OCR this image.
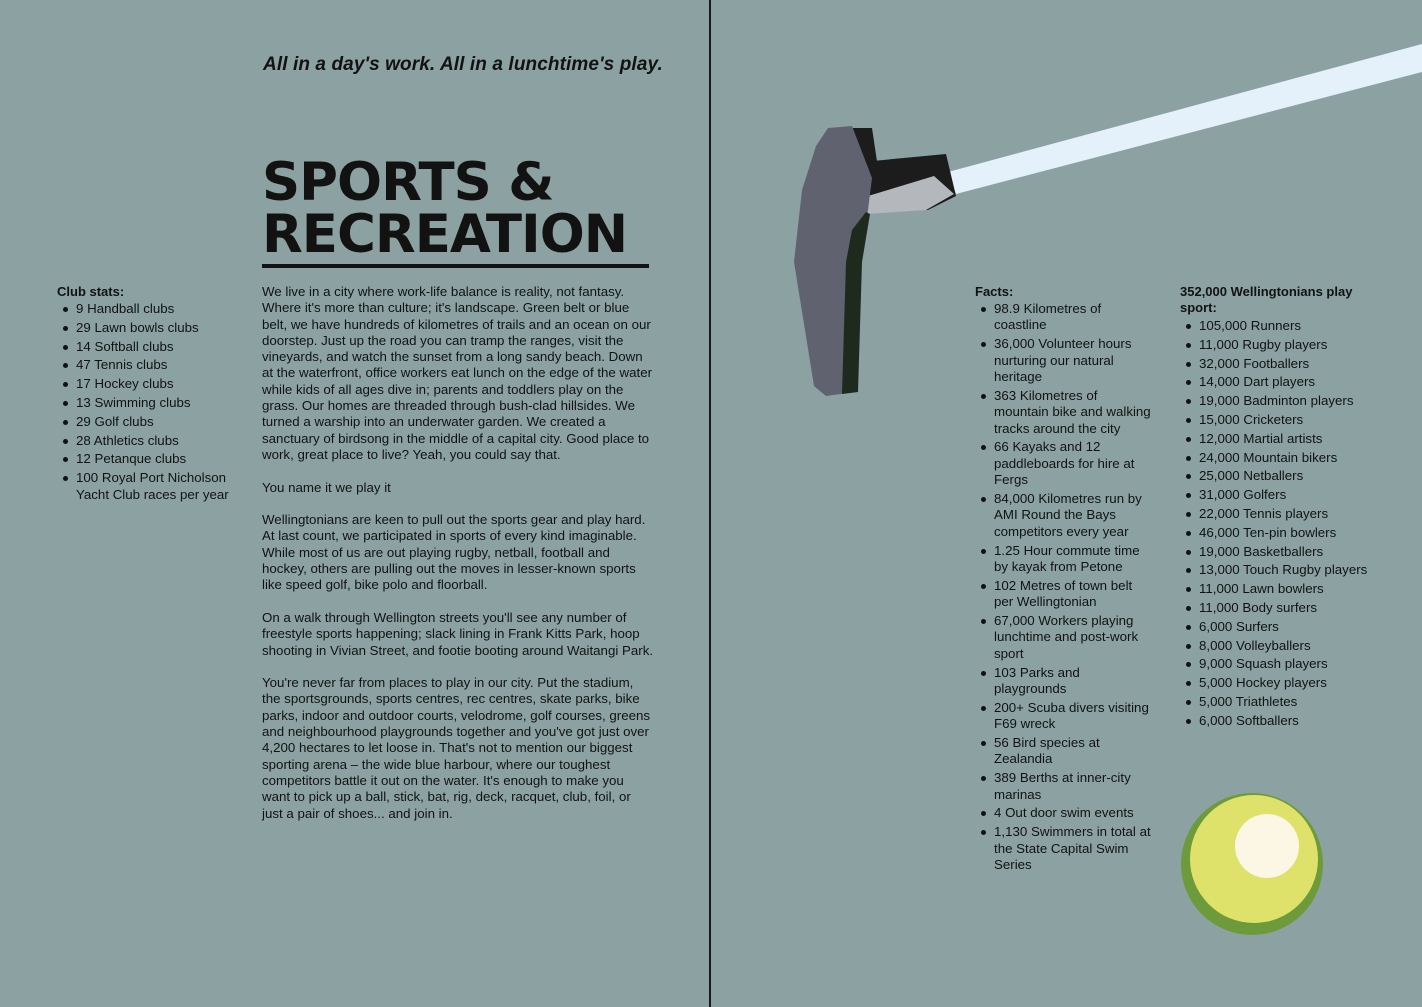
All in a day's work. All in a lunchtime's play.
SPORTS &
RECREATION
Club stats:
9 Handball clubs
29 Lawn bowls clubs
14 Softball clubs
47 Tennis clubs
17 Hockey clubs
13 Swimming clubs
29 Golf clubs
28 Athletics clubs
12 Petanque clubs
100 Royal Port Nicholson Yacht Club races per year

We live in a city where work-life balance is reality, not fantasy. Where it's more than culture; it's landscape. Green belt or blue belt, we have hundreds of kilometres of trails and an ocean on our doorstep. Just up the road you can tramp the ranges, visit the vineyards, and watch the sunset from a long sandy beach. Down at the waterfront, office workers eat lunch on the edge of the water while kids of all ages dive in; parents and toddlers play on the grass. Our homes are threaded through bush-clad hillsides. We turned a warship into an underwater garden. We created a sanctuary of birdsong in the middle of a capital city. Good place to work, great place to live? Yeah, you could say that.

You name it we play it

Wellingtonians are keen to pull out the sports gear and play hard. At last count, we participated in sports of every kind imaginable. While most of us are out playing rugby, netball, football and hockey, others are pulling out the moves in lesser-known sports like speed golf, bike polo and floorball.

On a walk through Wellington streets you'll see any number of freestyle sports happening; slack lining in Frank Kitts Park, hoop shooting in Vivian Street, and footie booting around Waitangi Park.

You're never far from places to play in our city. Put the stadium, the sportsgrounds, sports centres, rec centres, skate parks, bike parks, indoor and outdoor courts, velodrome, golf courses, greens and neighbourhood playgrounds together and you've got just over 4,200 hectares to let loose in. That's not to mention our biggest sporting arena – the wide blue harbour, where our toughest competitors battle it out on the water. It's enough to make you want to pick up a ball, stick, bat, rig, deck, racquet, club, foil, or just a pair of shoes... and join in.

Facts:
98.9 Kilometres of coastline
36,000 Volunteer hours nurturing our natural heritage
363 Kilometres of mountain bike and walking tracks around the city
66 Kayaks and 12 paddleboards for hire at Fergs
84,000 Kilometres run by AMI Round the Bays competitors every year
1.25 Hour commute time by kayak from Petone
102 Metres of town belt per Wellingtonian
67,000 Workers playing lunchtime and post-work sport
103 Parks and playgrounds
200+ Scuba divers visiting F69 wreck
56 Bird species at Zealandia
389 Berths at inner-city marinas
4 Out door swim events
1,130 Swimmers in total at the State Capital Swim Series
352,000 Wellingtonians play sport:
105,000 Runners
11,000 Rugby players
32,000 Footballers
14,000 Dart players
19,000 Badminton players
15,000 Cricketers
12,000 Martial artists
24,000 Mountain bikers
25,000 Netballers
31,000 Golfers
22,000 Tennis players
46,000 Ten-pin bowlers
19,000 Basketballers
13,000 Touch Rugby players
11,000 Lawn bowlers
11,000 Body surfers
6,000 Surfers
8,000 Volleyballers
9,000 Squash players
5,000 Hockey players
5,000 Triathletes
6,000 Softballers
